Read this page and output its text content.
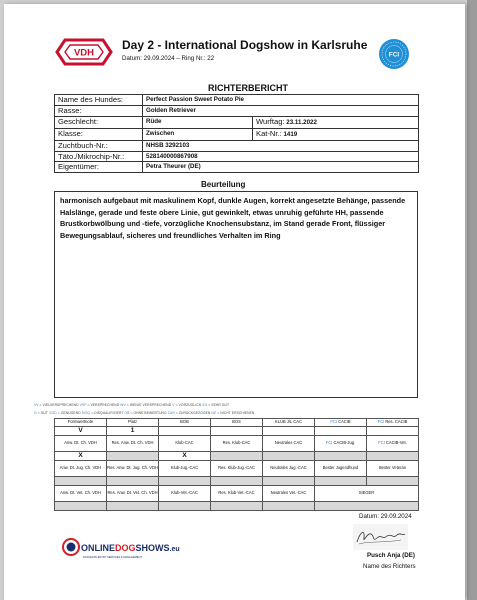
VDH
Day 2 - International Dogshow in Karlsruhe
Datum: 29.09.2024 – Ring Nr.: 22	FCI
RICHTERBERICHT
Name des Hundes:	Perfect Passion Sweet Potato Pie	
Rasse:	Golden Retriever	
Geschlecht:	Rüde	Wurftag: 23.11.2022
Klasse:	Zwischen	Kat-Nr.: 1419
Zuchtbuch-Nr.:	NHSB 3292103	
Täto./Mikrochip-Nr.:	528140000867908	
Eigentümer:	Petra Theurer (DE)	
Beurteilung

harmonisch aufgebaut mit maskulinem Kopf, dunkle Augen, korrekt angesetzte Behänge, passende Halslänge, gerade und feste obere Linie, gut gewinkelt, etwas unruhig geführte HH, passende Brustkorbwölbung und -tiefe, vorzügliche Knochensubstanz, im Stand gerade Front, flüssiger Bewegungsablauf, sicheres und freundliches Verhalten im Ring

VV = VIELVERSPRECHEND VSP = VERSPRECHEND WV = WENIG VERSPRECHEND V = VORZÜGLICH SG = SEHR GUT
G = GUT GGD = GENÜGEND DISQ = DISQUALIFIZIERT OB = OHNE BEWERTUNG ZUR = ZURÜCKGEZOGEN NE = NICHT ERSCHIENEN
Formwertnote	Platz	BOB	BOS	KLUB J/L CAC	FCI CACIB	FCI Res. CACIB
V	1					
Anw. Dt. Ch. VDH	Res. Anw. Dt. Ch. VDH	Klub-CAC	Res. Klub-CAC	Neutrales CAC	FCI CACIB-Jug.	FCI CACIB-Vet.
X		X				
Anw. Dt. Jug. Ch. VDH	Res. Anw. Dt. Jug. Ch. VDH	Klub-Jug.-CAC	Res. Klub-Jug.-CAC	Neutrales Jug.-CAC	Bester Jugendhund	Bester Veteran

Anw. Dt. Vet. Ch. VDH	Res. Anw. Dt. Vet. Ch. VDH	Klub-Vet.-CAC	Res. Klub-Vet.-CAC	Neutrales Vet.-CAC	SIEGER	

Datum: 29.09.2024
Pusch Anja (DE)
Name des Richters
ONLINEDOGSHOWS.eu
DOGSHOW ENTRY SERVICES & MANAGEMENT
